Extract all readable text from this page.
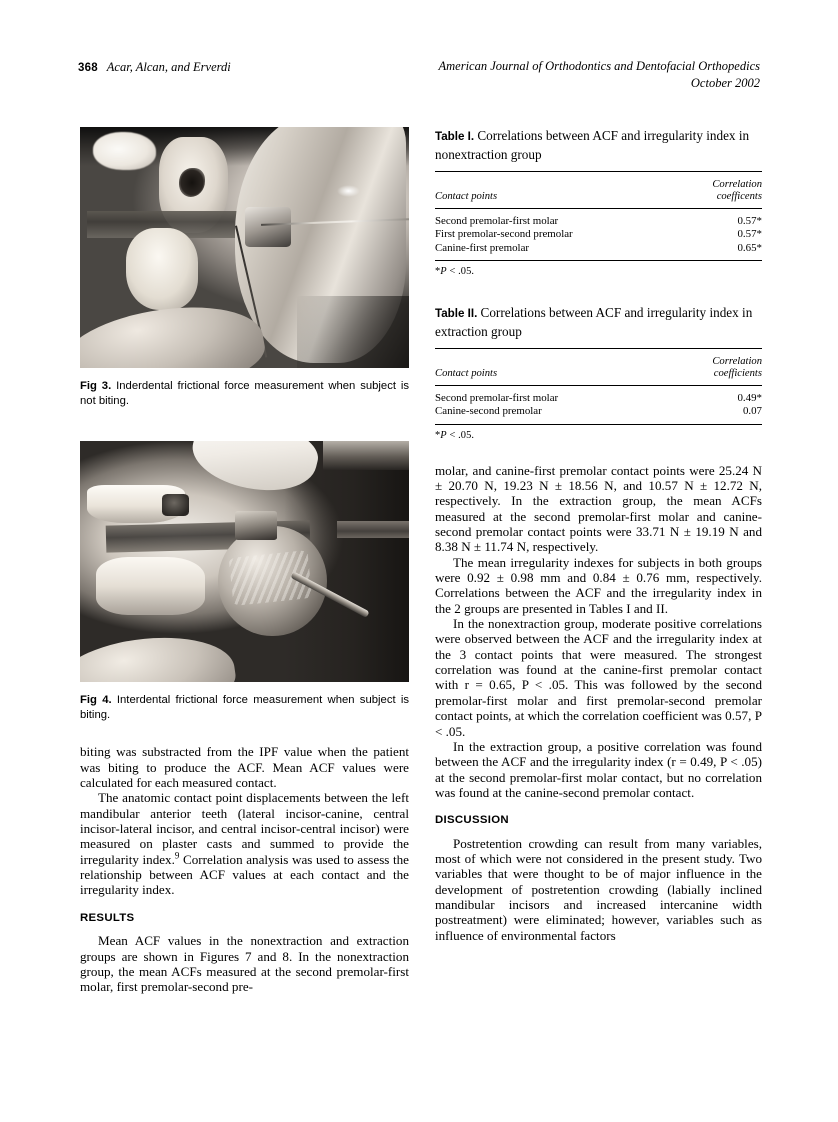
368 Acar, Alcan, and Erverdi	American Journal of Orthodontics and Dentofacial Orthopedics
October 2002
Fig 3. Inderdental frictional force measurement when subject is not biting.
Fig 4. Interdental frictional force measurement when subject is biting.

biting was substracted from the IPF value when the patient was biting to produce the ACF. Mean ACF values were calculated for each measured contact.

The anatomic contact point displacements between the left mandibular anterior teeth (lateral incisor-canine, central incisor-lateral incisor, and central incisor-central incisor) were measured on plaster casts and summed to provide the irregularity index.$^9$ Correlation analysis was used to assess the relationship between ACF values at each contact and the irregularity index.

RESULTS

Mean ACF values in the nonextraction and extraction groups are shown in Figures 7 and 8. In the nonextraction group, the mean ACFs measured at the second premolar-first molar, first premolar-second pre-

Table I. Correlations between ACF and irregularity index in nonextraction group

Contact points	Correlation
coefficents
Second premolar-first molar	0.57*
First premolar-second premolar	0.57*
Canine-first premolar	0.65*
*P < .05.
Table II. Correlations between ACF and irregularity index in extraction group

Contact points	Correlation
coefficients
Second premolar-first molar	0.49*
Canine-second premolar	0.07
*P < .05.

molar, and canine-first premolar contact points were 25.24 N ± 20.70 N, 19.23 N ± 18.56 N, and 10.57 N ± 12.72 N, respectively. In the extraction group, the mean ACFs measured at the second premolar-first molar and canine-second premolar contact points were 33.71 N ± 19.19 N and 8.38 N ± 11.74 N, respectively.

The mean irregularity indexes for subjects in both groups were 0.92 ± 0.98 mm and 0.84 ± 0.76 mm, respectively. Correlations between the ACF and the irregularity index in the 2 groups are presented in Tables I and II.

In the nonextraction group, moderate positive correlations were observed between the ACF and the irregularity index at the 3 contact points that were measured. The strongest correlation was found at the canine-first premolar contact with r = 0.65, P < .05. This was followed by the second premolar-first molar and first premolar-second premolar contact points, at which the correlation coefficient was 0.57, P < .05.

In the extraction group, a positive correlation was found between the ACF and the irregularity index (r = 0.49, P < .05) at the second premolar-first molar contact, but no correlation was found at the canine-second premolar contact.

DISCUSSION

Postretention crowding can result from many variables, most of which were not considered in the present study. Two variables that were thought to be of major influence in the development of postretention crowding (labially inclined mandibular incisors and increased intercanine width postreatment) were eliminated; however, variables such as influence of environmental factors
